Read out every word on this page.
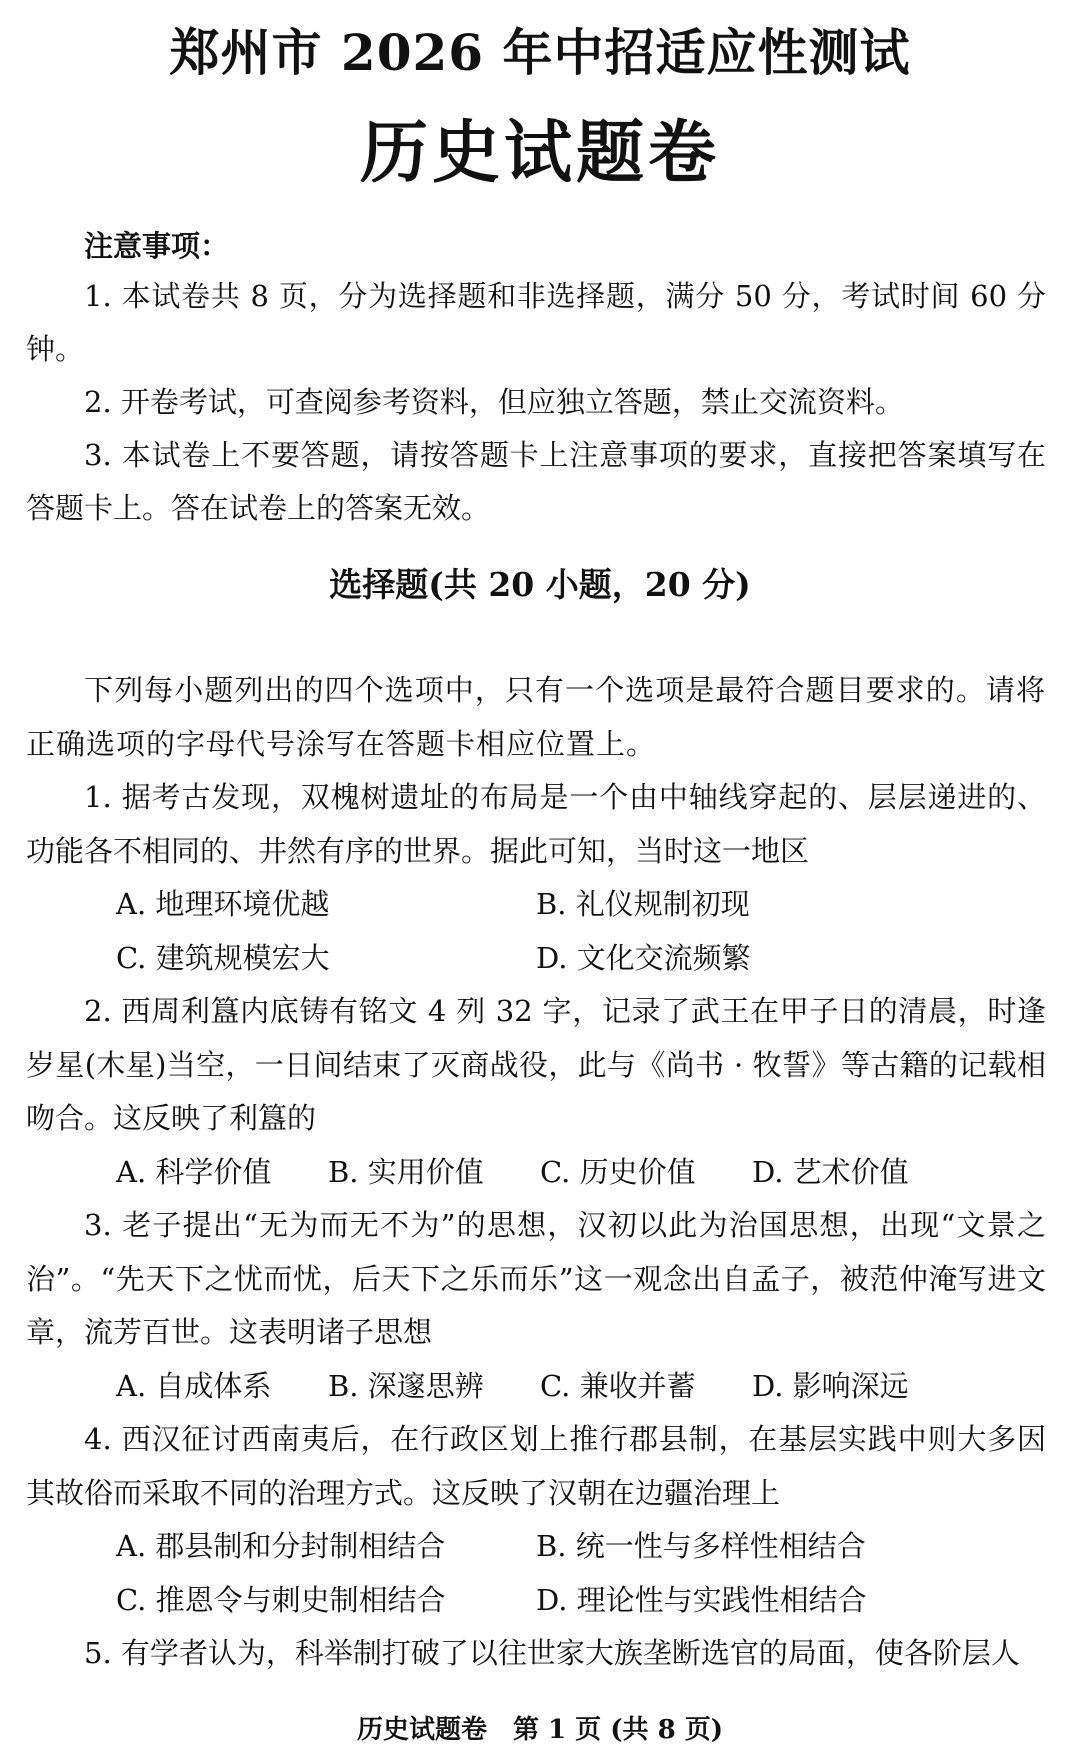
郑州市 2026 年中招适应性测试
历史试题卷
注意事项：
1. 本试卷共 8 页，分为选择题和非选择题，满分 50 分，考试时间 60 分钟。
2. 开卷考试，可查阅参考资料，但应独立答题，禁止交流资料。
3. 本试卷上不要答题，请按答题卡上注意事项的要求，直接把答案填写在答题卡上。答在试卷上的答案无效。
选择题(共 20 小题，20 分)
下列每小题列出的四个选项中，只有一个选项是最符合题目要求的。请将正确选项的字母代号涂写在答题卡相应位置上。
1. 据考古发现，双槐树遗址的布局是一个由中轴线穿起的、层层递进的、功能各不相同的、井然有序的世界。据此可知，当时这一地区
A. 地理环境优越	B. 礼仪规制初现
C. 建筑规模宏大	D. 文化交流频繁
2. 西周利簋内底铸有铭文 4 列 32 字，记录了武王在甲子日的清晨，时逢岁星(木星)当空，一日间结束了灭商战役，此与《尚书 · 牧誓》等古籍的记载相吻合。这反映了利簋的
A. 科学价值	B. 实用价值	C. 历史价值	D. 艺术价值
3. 老子提出“无为而无不为”的思想，汉初以此为治国思想，出现“文景之治”。“先天下之忧而忧，后天下之乐而乐”这一观念出自孟子，被范仲淹写进文章，流芳百世。这表明诸子思想
A. 自成体系	B. 深邃思辨	C. 兼收并蓄	D. 影响深远
4. 西汉征讨西南夷后，在行政区划上推行郡县制，在基层实践中则大多因其故俗而采取不同的治理方式。这反映了汉朝在边疆治理上
A. 郡县制和分封制相结合	B. 统一性与多样性相结合
C. 推恩令与刺史制相结合	D. 理论性与实践性相结合
5. 有学者认为，科举制打破了以往世家大族垄断选官的局面，使各阶层人
历史试题卷　第 1 页 (共 8 页)
